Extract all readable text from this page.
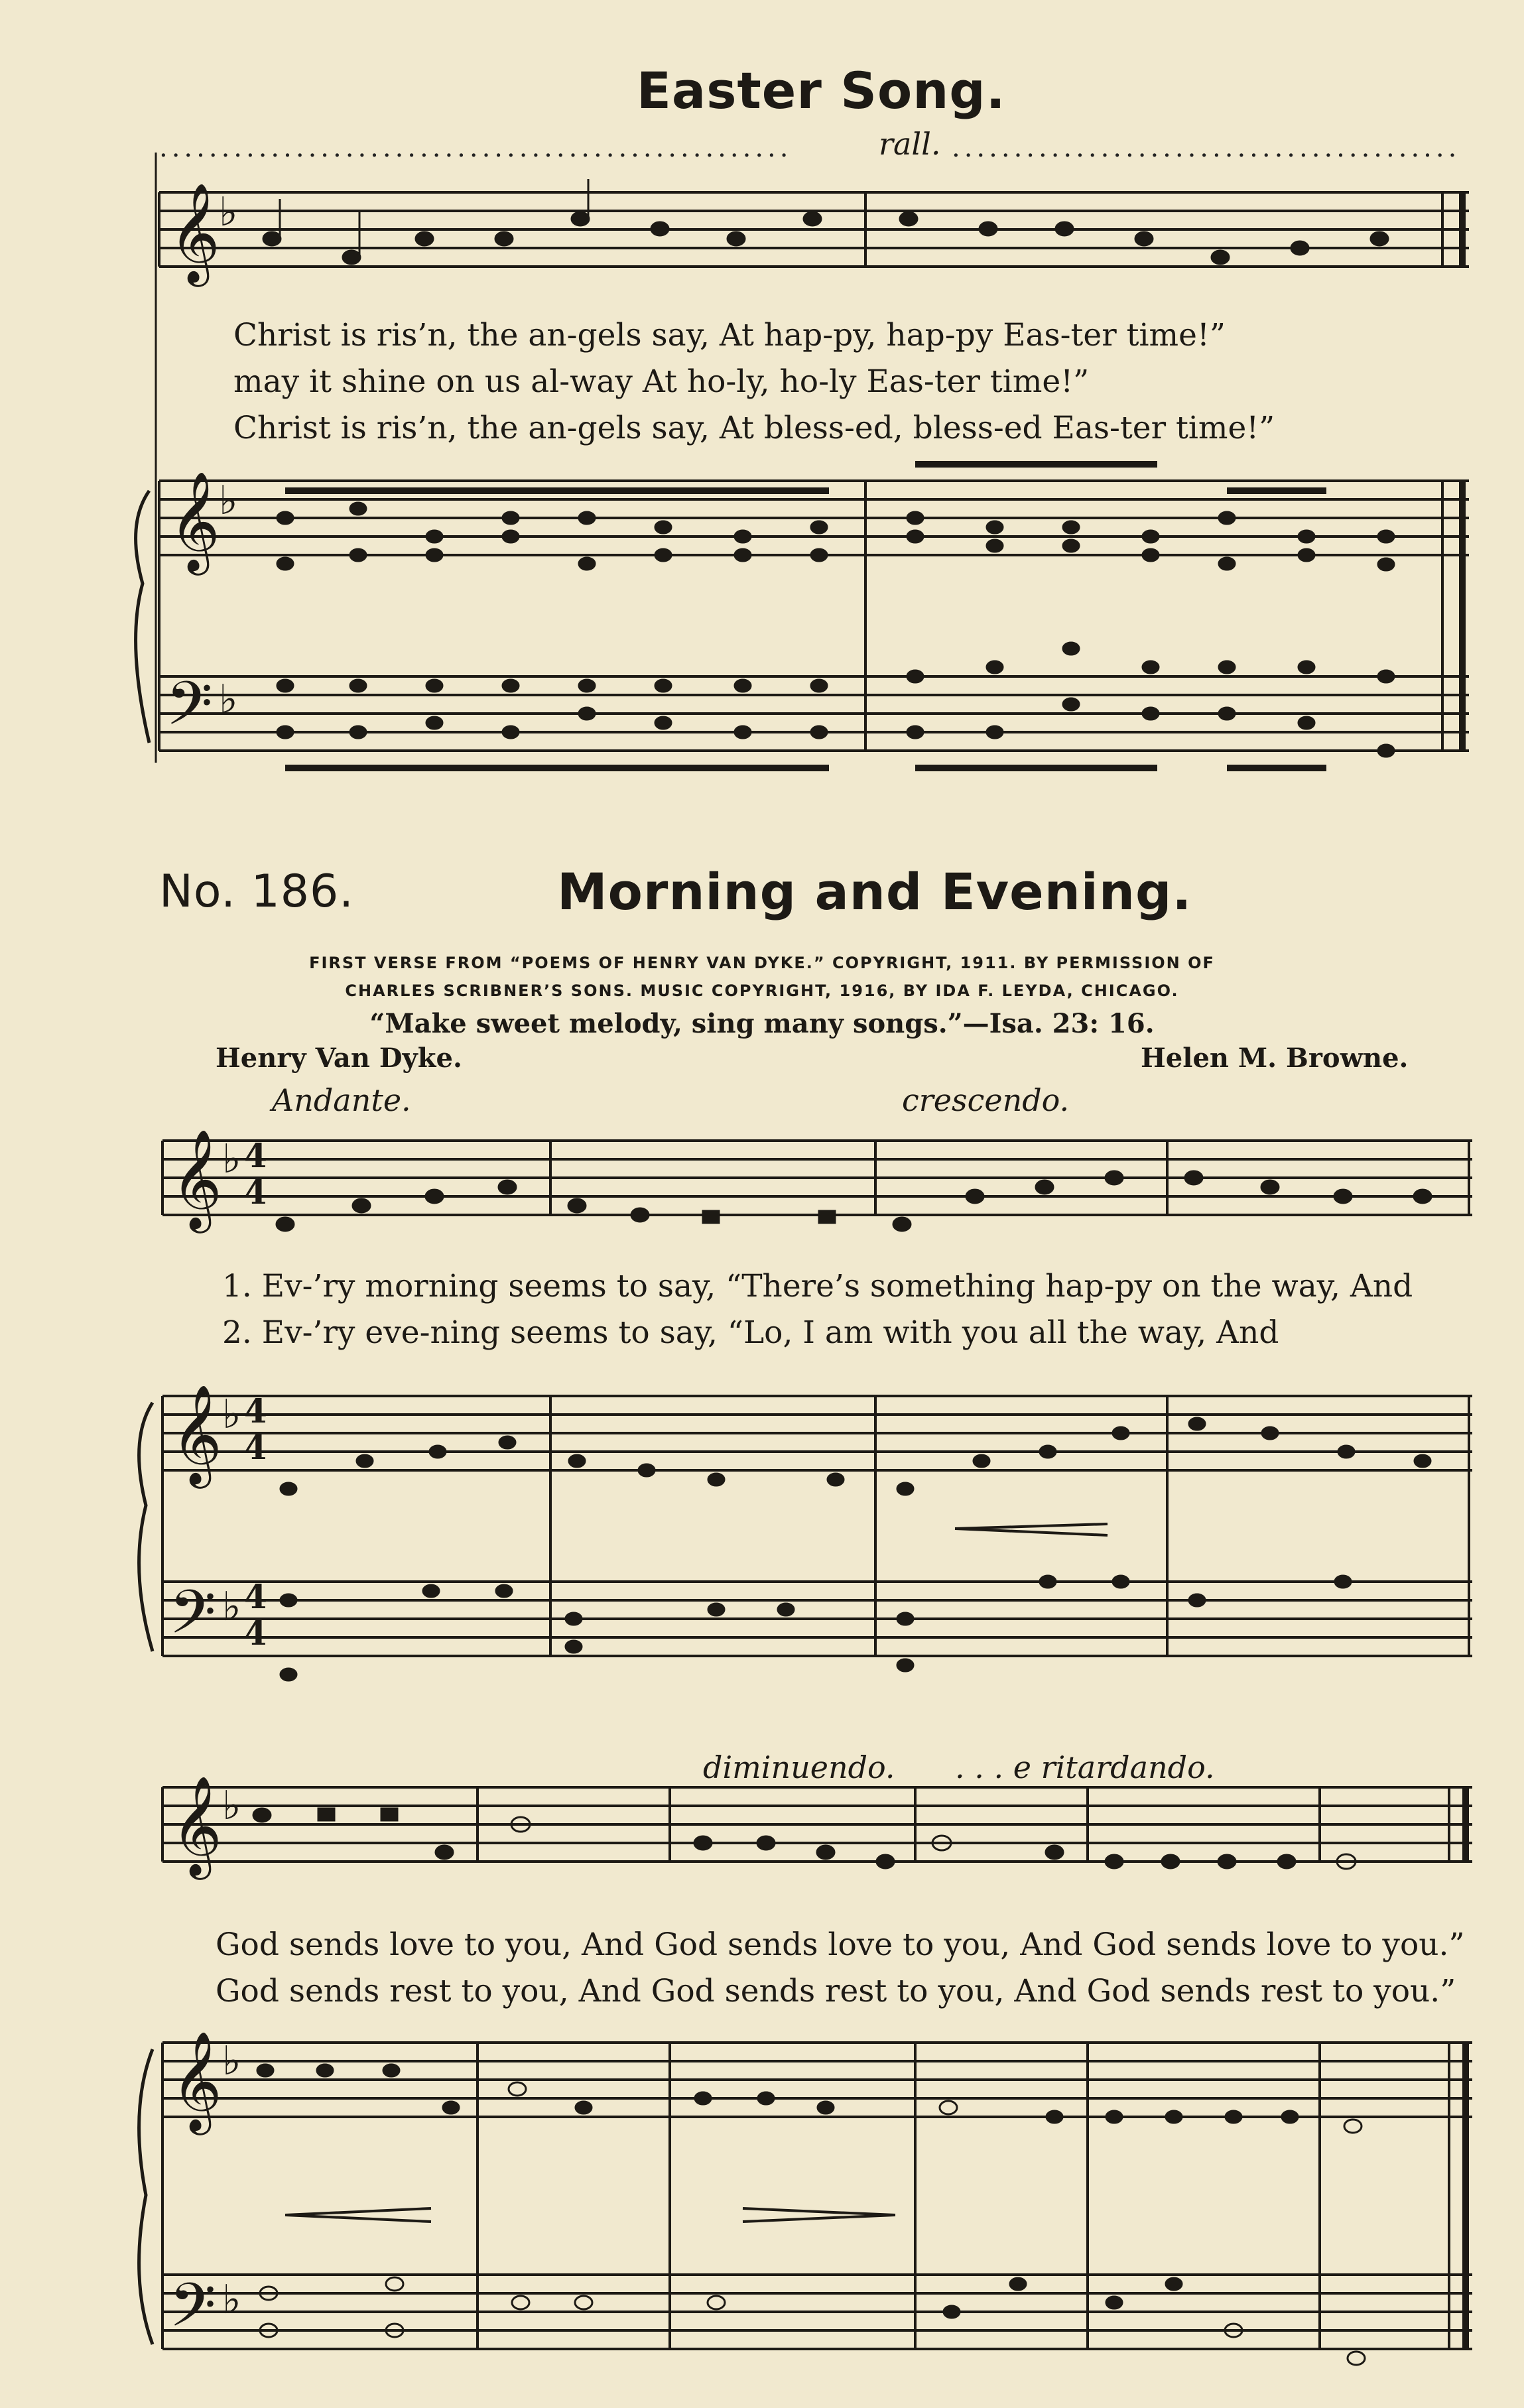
Easter Song.
...................................................	rall. .........................................
𝄞
♭
𝄞
♭
𝄢 ♭
Christ is ris’n, the an-gels say, At hap-py, hap-py Eas-ter time!”
may it shine on us al-way At ho-ly, ho-ly Eas-ter time!”
Christ is ris’n, the an-gels say, At bless-ed, bless-ed Eas-ter time!”
No. 186.	Morning and Evening.
FIRST VERSE FROM “POEMS OF HENRY VAN DYKE.” COPYRIGHT, 1911. BY PERMISSION OF
CHARLES SCRIBNER’S SONS. MUSIC COPYRIGHT, 1916, BY IDA F. LEYDA, CHICAGO.
“Make sweet melody, sing many songs.”—Isa. 23: 16.
Henry Van Dyke.	Helen M. Browne.
Andante.	crescendo.
𝄞 ♭ 4
4
𝄞 ♭ 4
4
𝄢 ♭ 4
4
𝄞 ♭
𝄞 ♭
𝄢 ♭
1. Ev-’ry morning seems to say, “There’s something hap-py on the way, And
2. Ev-’ry eve-ning seems to say, “Lo, I am with you all the way, And
diminuendo. . . . e ritardando.
God sends love to you, And God sends love to you, And God sends love to you.”
God sends rest to you, And God sends rest to you, And God sends rest to you.”
